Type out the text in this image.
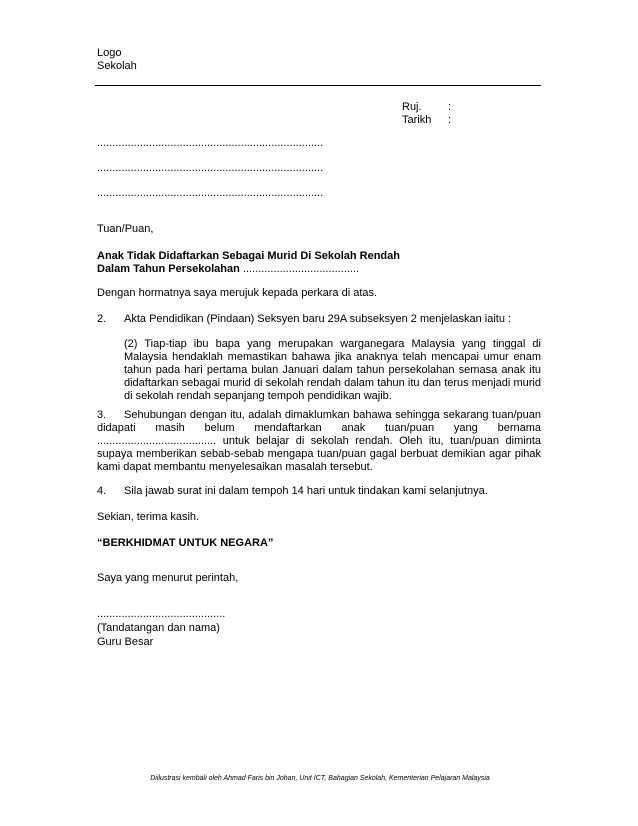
Logo
Sekolah
Ruj. :
Tarikh :
..........................................................................
..........................................................................
..........................................................................
Tuan/Puan,
Anak Tidak Didaftarkan Sebagai Murid Di Sekolah Rendah
Dalam Tahun Persekolahan ......................................
Dengan hormatnya saya merujuk kepada perkara di atas.
2. Akta Pendidikan (Pindaan) Seksyen baru 29A subseksyen 2 menjelaskan iaitu :
(2) Tiap-tiap ibu bapa yang merupakan warganegara Malaysia yang tinggal di Malaysia hendaklah memastikan bahawa jika anaknya telah mencapai umur enam tahun pada hari pertama bulan Januari dalam tahun persekolahan semasa anak itu didaftarkan sebagai murid di sekolah rendah dalam tahun itu dan terus menjadi murid di sekolah rendah sepanjang tempoh pendidikan wajib.
3. Sehubungan dengan itu, adalah dimaklumkan bahawa sehingga sekarang tuan/puan didapati masih belum mendaftarkan anak tuan/puan yang bernama ....................................... untuk belajar di sekolah rendah. Oleh itu, tuan/puan diminta supaya memberikan sebab-sebab mengapa tuan/puan gagal berbuat demikian agar pihak kami dapat membantu menyelesaikan masalah tersebut.
4. Sila jawab surat ini dalam tempoh 14 hari untuk tindakan kami selanjutnya.
Sekian, terima kasih.
“BERKHIDMAT UNTUK NEGARA”
Saya yang menurut perintah,
..........................................
(Tandatangan dan nama)
Guru Besar
Diilustrasi kembali oleh Ahmad Faris bin Johan, Unit ICT, Bahagian Sekolah, Kementerian Pelajaran Malaysia
